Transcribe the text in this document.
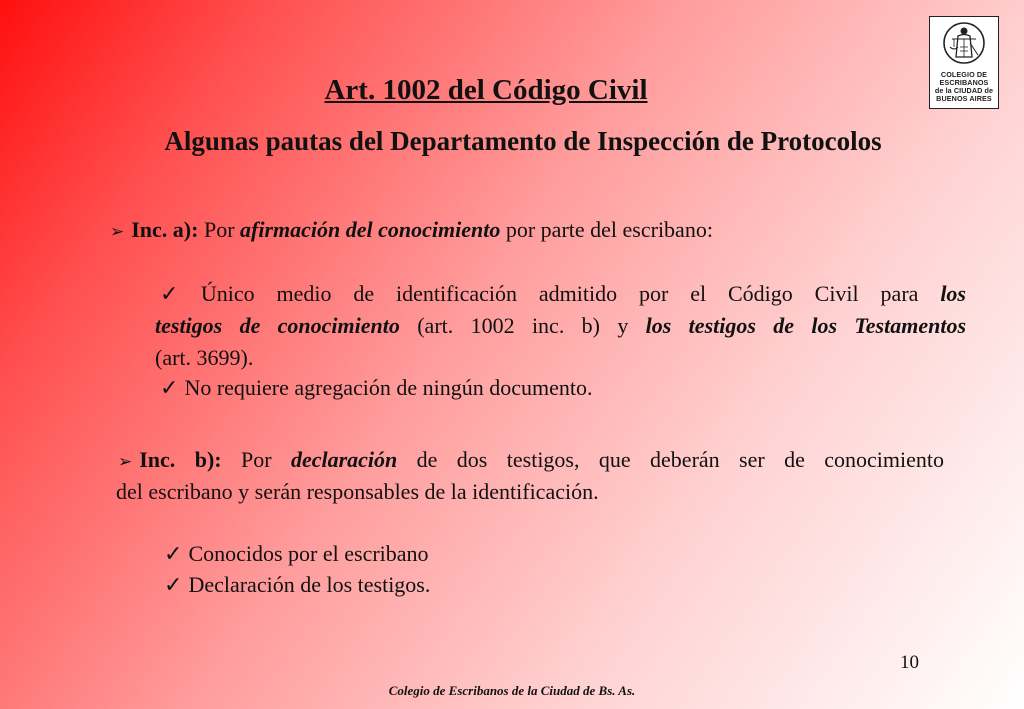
COLEGIO DE
ESCRIBANOS
de la CIUDAD de
BUENOS AIRES
Art. 1002 del Código Civil
Algunas pautas del Departamento de Inspección de Protocolos
➢ Inc. a): Por afirmación del conocimiento por parte del escribano:
✓ Único medio de identificación admitido por el Código Civil para los
testigos de conocimiento (art. 1002 inc. b) y los testigos de los Testamentos
(art. 3699).
✓ No requiere agregación de ningún documento.
➢ Inc. b): Por declaración de dos testigos, que deberán ser de conocimiento
del escribano y serán responsables de la identificación.
✓ Conocidos por el escribano
✓ Declaración de los testigos.
10
Colegio de Escribanos de la Ciudad de Bs. As.
